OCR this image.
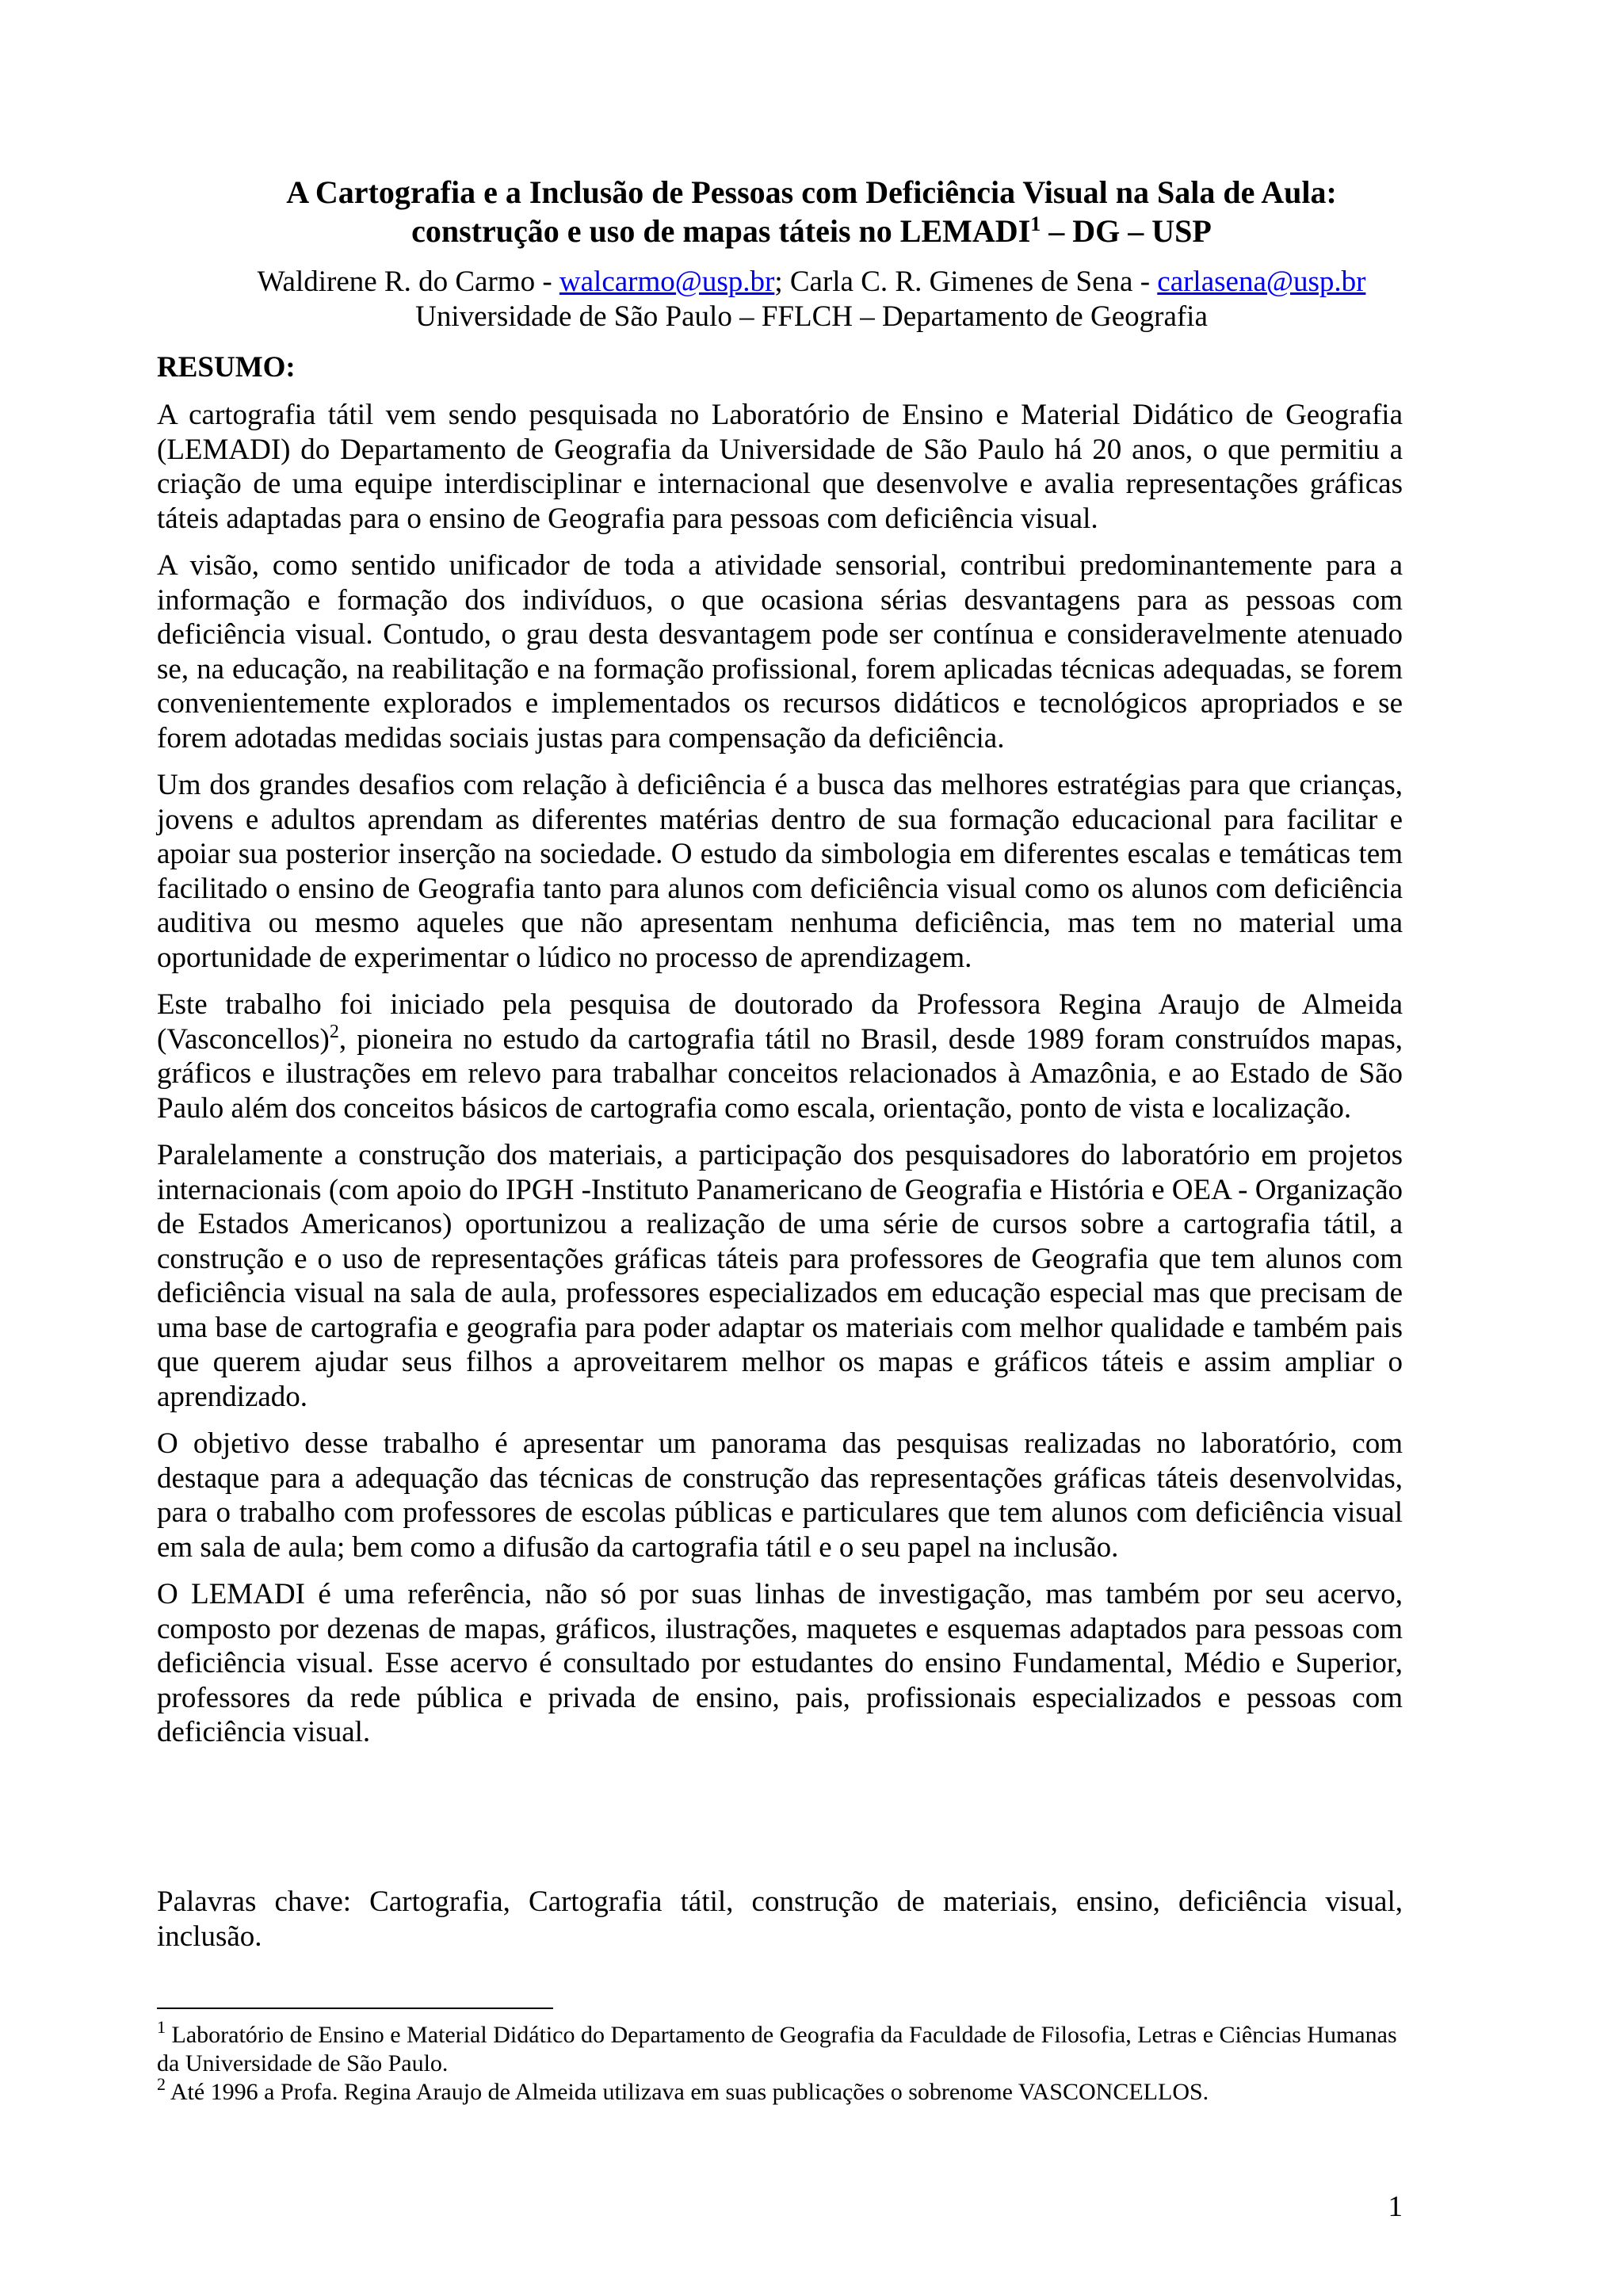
A Cartografia e a Inclusão de Pessoas com Deficiência Visual na Sala de Aula:
construção e uso de mapas táteis no LEMADI$^1$ – DG – USP
Waldirene R. do Carmo - walcarmo@usp.br; Carla C. R. Gimenes de Sena - carlasena@usp.br
Universidade de São Paulo – FFLCH – Departamento de Geografia
RESUMO:

A cartografia tátil vem sendo pesquisada no Laboratório de Ensino e Material Didático de Geografia (LEMADI) do Departamento de Geografia da Universidade de São Paulo há 20 anos, o que permitiu a criação de uma equipe interdisciplinar e internacional que desenvolve e avalia representações gráficas táteis adaptadas para o ensino de Geografia para pessoas com deficiência visual.

A visão, como sentido unificador de toda a atividade sensorial, contribui predominantemente para a informação e formação dos indivíduos, o que ocasiona sérias desvantagens para as pessoas com deficiência visual. Contudo, o grau desta desvantagem pode ser contínua e consideravelmente atenuado se, na educação, na reabilitação e na formação profissional, forem aplicadas técnicas adequadas, se forem convenientemente explorados e implementados os recursos didáticos e tecnológicos apropriados e se forem adotadas medidas sociais justas para compensação da deficiência.

Um dos grandes desafios com relação à deficiência é a busca das melhores estratégias para que crianças, jovens e adultos aprendam as diferentes matérias dentro de sua formação educacional para facilitar e apoiar sua posterior inserção na sociedade. O estudo da simbologia em diferentes escalas e temáticas tem facilitado o ensino de Geografia tanto para alunos com deficiência visual como os alunos com deficiência auditiva ou mesmo aqueles que não apresentam nenhuma deficiência, mas tem no material uma oportunidade de experimentar o lúdico no processo de aprendizagem.

Este trabalho foi iniciado pela pesquisa de doutorado da Professora Regina Araujo de Almeida (Vasconcellos)$^2$, pioneira no estudo da cartografia tátil no Brasil, desde 1989 foram construídos mapas, gráficos e ilustrações em relevo para trabalhar conceitos relacionados à Amazônia, e ao Estado de São Paulo além dos conceitos básicos de cartografia como escala, orientação, ponto de vista e localização.

Paralelamente a construção dos materiais, a participação dos pesquisadores do laboratório em projetos internacionais (com apoio do IPGH -Instituto Panamericano de Geografia e História e OEA - Organização de Estados Americanos) oportunizou a realização de uma série de cursos sobre a cartografia tátil, a construção e o uso de representações gráficas táteis para professores de Geografia que tem alunos com deficiência visual na sala de aula, professores especializados em educação especial mas que precisam de uma base de cartografia e geografia para poder adaptar os materiais com melhor qualidade e também pais que querem ajudar seus filhos a aproveitarem melhor os mapas e gráficos táteis e assim ampliar o aprendizado.

O objetivo desse trabalho é apresentar um panorama das pesquisas realizadas no laboratório, com destaque para a adequação das técnicas de construção das representações gráficas táteis desenvolvidas, para o trabalho com professores de escolas públicas e particulares que tem alunos com deficiência visual em sala de aula; bem como a difusão da cartografia tátil e o seu papel na inclusão.

O LEMADI é uma referência, não só por suas linhas de investigação, mas também por seu acervo, composto por dezenas de mapas, gráficos, ilustrações, maquetes e esquemas adaptados para pessoas com deficiência visual. Esse acervo é consultado por estudantes do ensino Fundamental, Médio e Superior, professores da rede pública e privada de ensino, pais, profissionais especializados e pessoas com deficiência visual.

Palavras chave: Cartografia, Cartografia tátil, construção de materiais, ensino, deficiência visual, inclusão.

$^1$ Laboratório de Ensino e Material Didático do Departamento de Geografia da Faculdade de Filosofia, Letras e Ciências Humanas da Universidade de São Paulo.

$^2$ Até 1996 a Profa. Regina Araujo de Almeida utilizava em suas publicações o sobrenome VASCONCELLOS.

1
